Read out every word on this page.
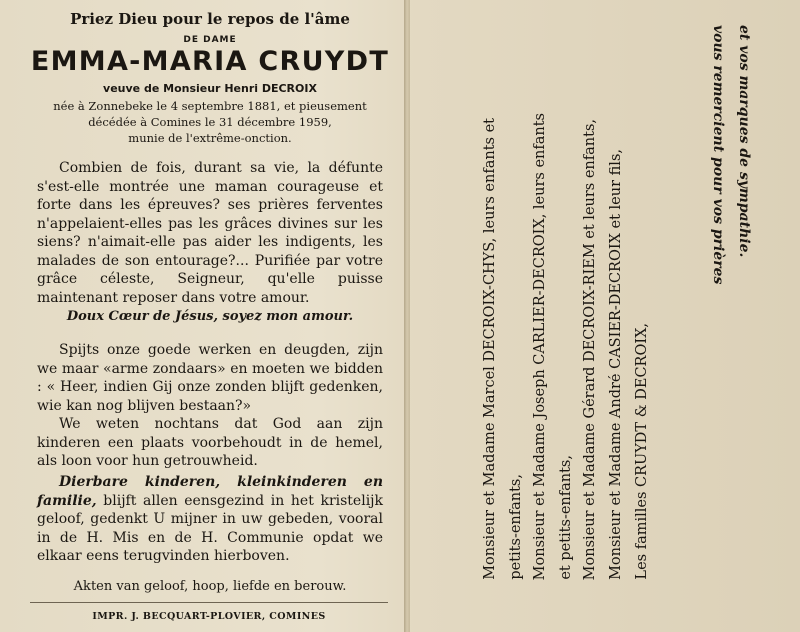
Priez Dieu pour le repos de l'âme

DE DAME

EMMA-MARIA CRUYDT

veuve de Monsieur Henri DECROIX

née à Zonnebeke le 4 septembre 1881, et pieusement
décédée à Comines le 31 décembre 1959,

munie de l'extrême-onction.

Combien de fois, durant sa vie, la défunte s'est-elle montrée une maman courageuse et forte dans les épreuves? ses prières ferventes n'appelaient-elles pas les grâces divines sur les siens? n'aimait-elle pas aider les indigents, les malades de son entourage?... Purifiée par votre grâce céleste, Seigneur, qu'elle puisse maintenant reposer dans votre amour.

Doux Cœur de Jésus, soyez mon amour.

Spijts onze goede werken en deugden, zijn we maar «arme zondaars» en moeten we bidden : « Heer, indien Gij onze zonden blijft gedenken, wie kan nog blijven bestaan?»

We weten nochtans dat God aan zijn kinderen een plaats voorbehoudt in de hemel, als loon voor hun getrouwheid.

Dierbare kinderen, kleinkinderen en familie, blijft allen eensgezind in het kristelijk geloof, gedenkt U mijner in uw gebeden, vooral in de H. Mis en de H. Communie opdat we elkaar eens terugvinden hierboven.

Akten van geloof, hoop, liefde en berouw.

IMPR. J. BECQUART-PLOVIER, COMINES

Monsieur et Madame Marcel DECROIX-CHYS, leurs enfants et petits-enfants, Monsieur et Madame Joseph CARLIER-DECROIX, leurs enfants et petits-enfants, Monsieur et Madame Gérard DECROIX-RIEM et leurs enfants, Monsieur et Madame André CASIER-DECROIX et leur fils, Les familles CRUYDT & DECROIX,

vous remercient pour vos prières et vos marques de sympathie.
